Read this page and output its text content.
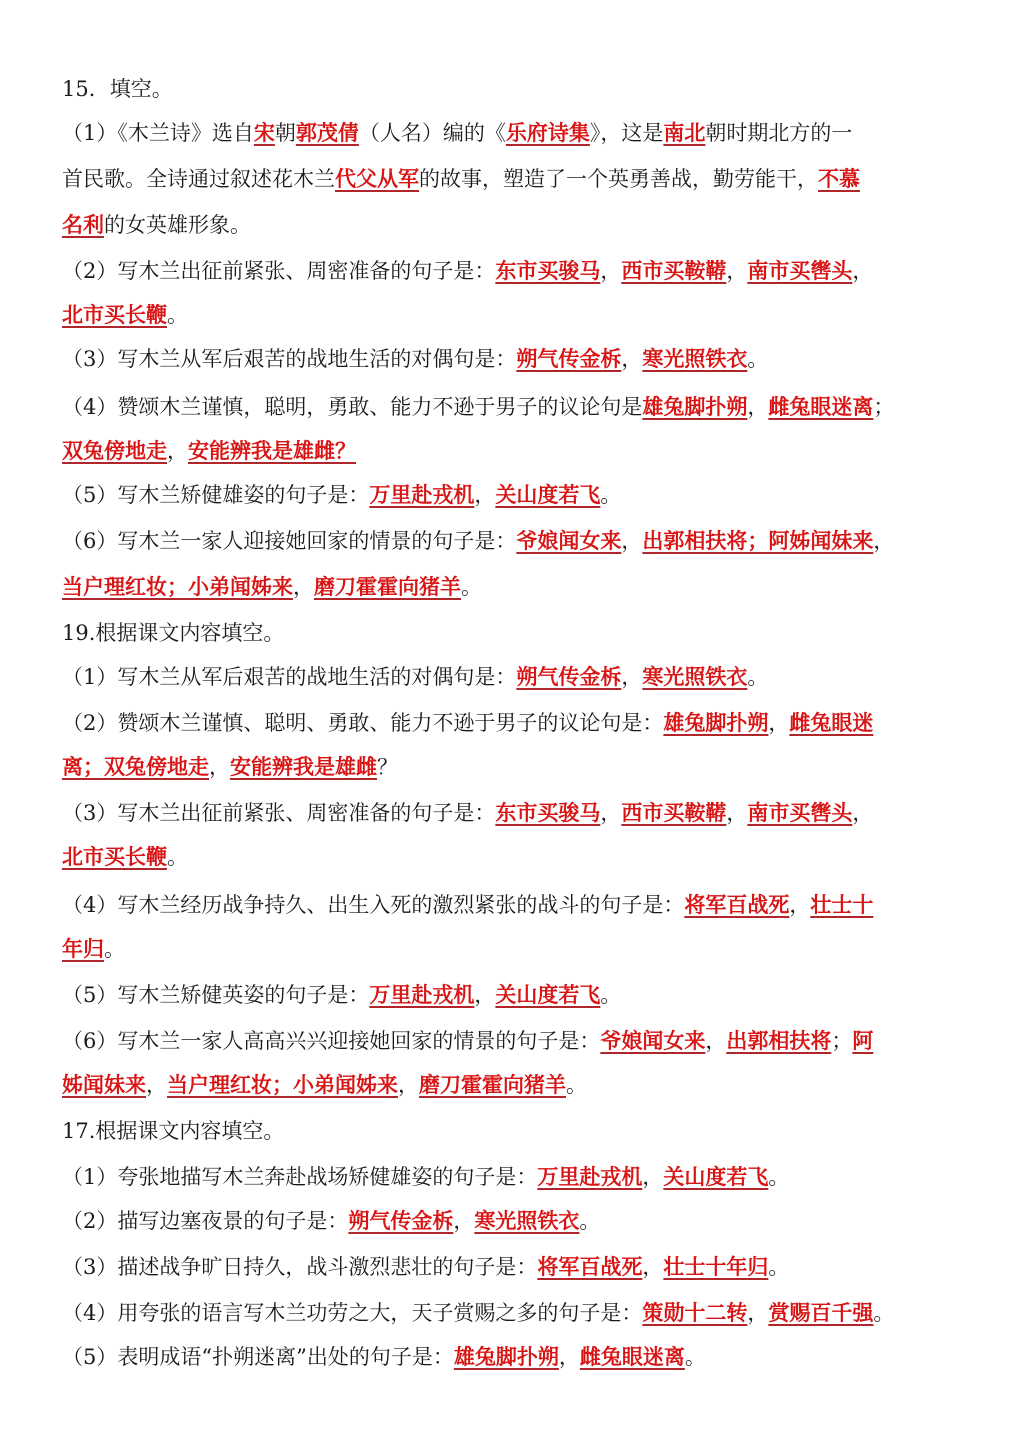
15．填空。
（1）《木兰诗》选自宋朝郭茂倩（人名）编的《乐府诗集》，这是南北朝时期北方的一
首民歌。全诗通过叙述花木兰代父从军的故事，塑造了一个英勇善战，勤劳能干，不慕
名利的女英雄形象。
（2）写木兰出征前紧张、周密准备的句子是：东市买骏马，西市买鞍鞯，南市买辔头，
北市买长鞭。
（3）写木兰从军后艰苦的战地生活的对偶句是：朔气传金柝，寒光照铁衣。
（4）赞颂木兰谨慎，聪明，勇敢、能力不逊于男子的议论句是雄兔脚扑朔，雌兔眼迷离；
双兔傍地走，安能辨我是雄雌？
（5）写木兰矫健雄姿的句子是：万里赴戎机，关山度若飞。
（6）写木兰一家人迎接她回家的情景的句子是：爷娘闻女来，出郭相扶将；阿姊闻妹来，
当户理红妆；小弟闻姊来，磨刀霍霍向猪羊。
19.根据课文内容填空。
（1）写木兰从军后艰苦的战地生活的对偶句是：朔气传金柝，寒光照铁衣。
（2）赞颂木兰谨慎、聪明、勇敢、能力不逊于男子的议论句是：雄兔脚扑朔，雌兔眼迷
离；双兔傍地走，安能辨我是雄雌？
（3）写木兰出征前紧张、周密准备的句子是：东市买骏马，西市买鞍鞯，南市买辔头，
北市买长鞭。
（4）写木兰经历战争持久、出生入死的激烈紧张的战斗的句子是：将军百战死，壮士十
年归。
（5）写木兰矫健英姿的句子是：万里赴戎机，关山度若飞。
（6）写木兰一家人高高兴兴迎接她回家的情景的句子是：爷娘闻女来，出郭相扶将；阿
姊闻妹来，当户理红妆；小弟闻姊来，磨刀霍霍向猪羊。
17.根据课文内容填空。
（1）夸张地描写木兰奔赴战场矫健雄姿的句子是：万里赴戎机，关山度若飞。
（2）描写边塞夜景的句子是：朔气传金柝，寒光照铁衣。
（3）描述战争旷日持久，战斗激烈悲壮的句子是：将军百战死，壮士十年归。
（4）用夸张的语言写木兰功劳之大，天子赏赐之多的句子是：策勋十二转，赏赐百千强。
（5）表明成语“扑朔迷离”出处的句子是：雄兔脚扑朔，雌兔眼迷离。
